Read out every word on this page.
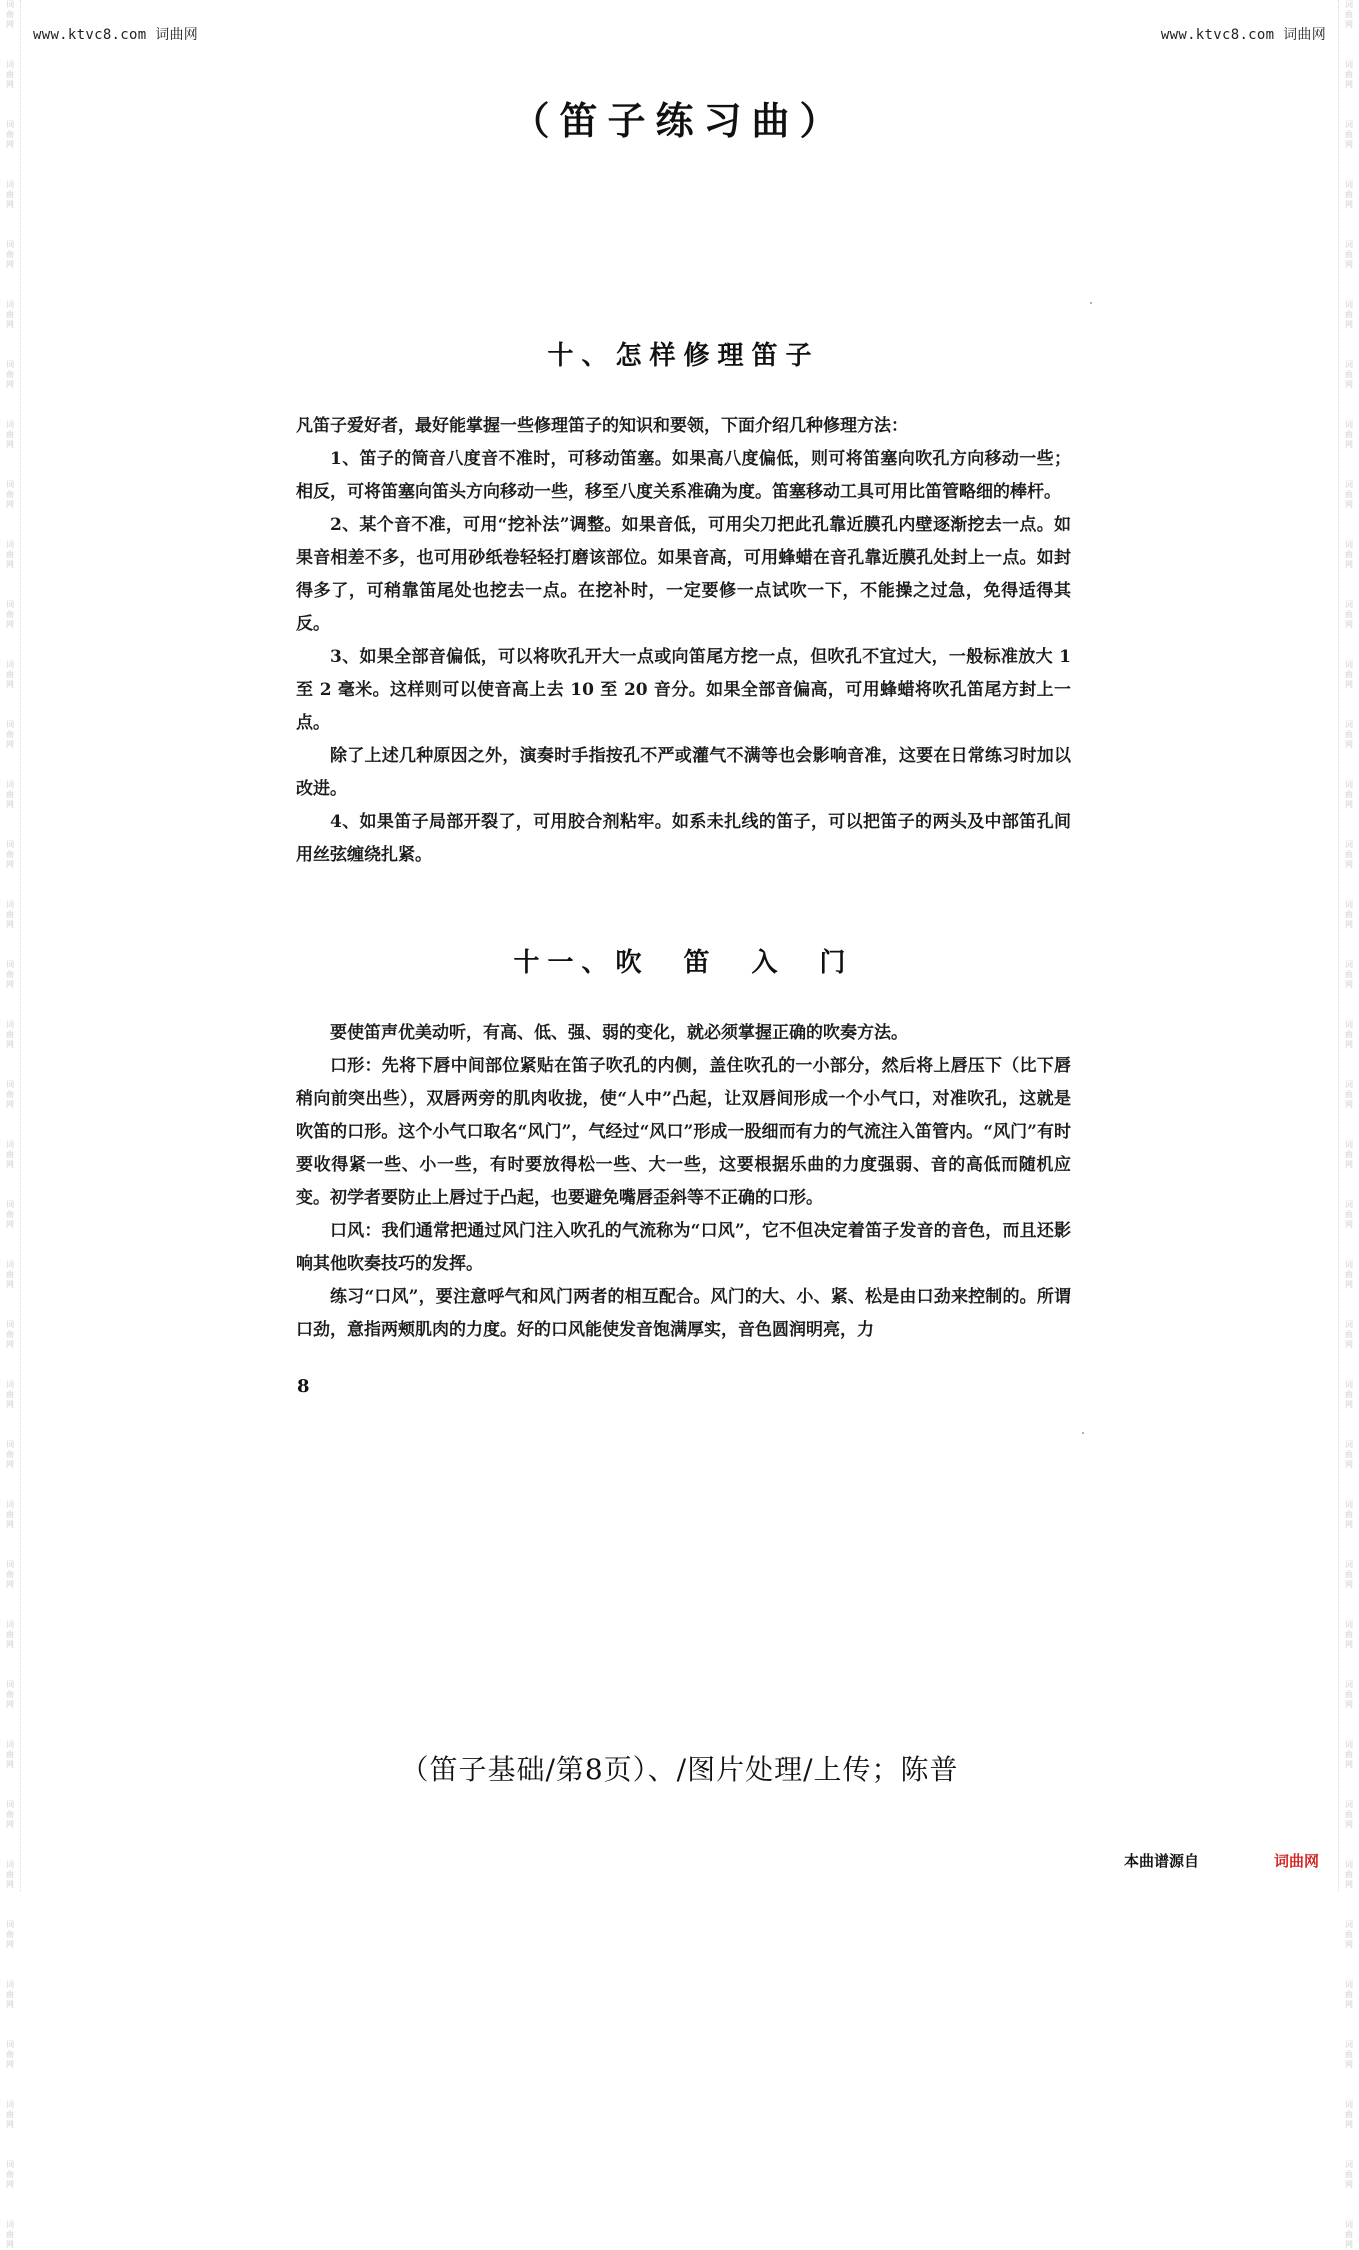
词曲网
词曲网
词曲网
词曲网
词曲网
词曲网
词曲网
词曲网
词曲网
词曲网
词曲网
词曲网
词曲网
词曲网
词曲网
词曲网
词曲网
词曲网
词曲网
词曲网
词曲网
词曲网
词曲网
词曲网
词曲网
词曲网
词曲网
词曲网
词曲网
词曲网
词曲网
词曲网
词曲网
词曲网
词曲网
词曲网
词曲网
词曲网
词曲网
词曲网
词曲网
词曲网
词曲网
词曲网
词曲网
词曲网
词曲网
词曲网
词曲网
词曲网
词曲网
词曲网
词曲网
词曲网
词曲网
词曲网
词曲网
词曲网
词曲网
词曲网
词曲网
词曲网
词曲网
词曲网
词曲网
词曲网
词曲网
词曲网
词曲网
词曲网
词曲网
词曲网
词曲网
词曲网
词曲网
词曲网
www.ktvc8.com 词曲网	www.ktvc8.com 词曲网
（笛子练习曲）
十、怎样修理笛子

凡笛子爱好者，最好能掌握一些修理笛子的知识和要领，下面介绍几种修理方法：

1、笛子的筒音八度音不准时，可移动笛塞。如果高八度偏低，则可将笛塞向吹孔方向移动一些；相反，可将笛塞向笛头方向移动一些，移至八度关系准确为度。笛塞移动工具可用比笛管略细的棒杆。

2、某个音不准，可用“挖补法”调整。如果音低，可用尖刀把此孔靠近膜孔内壁逐渐挖去一点。如果音相差不多，也可用砂纸卷轻轻打磨该部位。如果音高，可用蜂蜡在音孔靠近膜孔处封上一点。如封得多了，可稍靠笛尾处也挖去一点。在挖补时，一定要修一点试吹一下，不能操之过急，免得适得其反。

3、如果全部音偏低，可以将吹孔开大一点或向笛尾方挖一点，但吹孔不宜过大，一般标准放大 1 至 2 毫米。这样则可以使音高上去 10 至 20 音分。如果全部音偏高，可用蜂蜡将吹孔笛尾方封上一点。

除了上述几种原因之外，演奏时手指按孔不严或灌气不满等也会影响音准，这要在日常练习时加以改进。

4、如果笛子局部开裂了，可用胶合剂粘牢。如系未扎线的笛子，可以把笛子的两头及中部笛孔间用丝弦缠绕扎紧。

十一、吹　笛　入　门

要使笛声优美动听，有高、低、强、弱的变化，就必须掌握正确的吹奏方法。

口形：先将下唇中间部位紧贴在笛子吹孔的内侧，盖住吹孔的一小部分，然后将上唇压下（比下唇稍向前突出些），双唇两旁的肌肉收拢，使“人中”凸起，让双唇间形成一个小气口，对准吹孔，这就是吹笛的口形。这个小气口取名“风门”，气经过“风口”形成一股细而有力的气流注入笛管内。“风门”有时要收得紧一些、小一些，有时要放得松一些、大一些，这要根据乐曲的力度强弱、音的高低而随机应变。初学者要防止上唇过于凸起，也要避免嘴唇歪斜等不正确的口形。

口风：我们通常把通过风门注入吹孔的气流称为“口风”，它不但决定着笛子发音的音色，而且还影响其他吹奏技巧的发挥。

练习“口风”，要注意呼气和风门两者的相互配合。风门的大、小、紧、松是由口劲来控制的。所谓口劲，意指两颊肌肉的力度。好的口风能使发音饱满厚实，音色圆润明亮，力

8
（笛子基础/第8页）、/图片处理/上传；陈普
本曲谱源自	词曲网
